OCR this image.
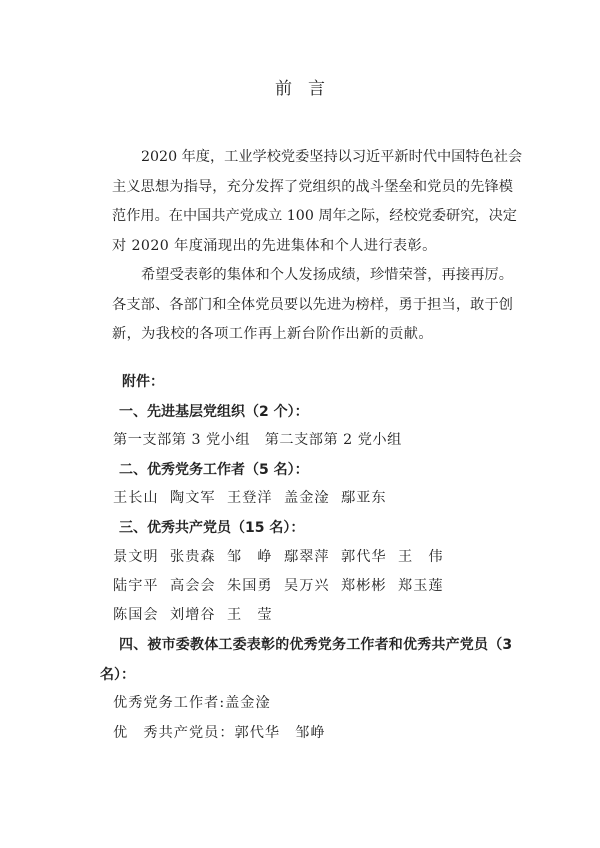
前 言
2020 年度，工业学校党委坚持以习近平新时代中国特色社会
主义思想为指导，充分发挥了党组织的战斗堡垒和党员的先锋模
范作用。在中国共产党成立 100 周年之际，经校党委研究，决定
对 2020 年度涌现出的先进集体和个人进行表彰。
希望受表彰的集体和个人发扬成绩，珍惜荣誉，再接再厉。
各支部、各部门和全体党员要以先进为榜样，勇于担当，敢于创
新，为我校的各项工作再上新台阶作出新的贡献。
附件：
一、先进基层党组织（2 个）：
第一支部第 3 党小组  第二支部第 2 党小组
二、优秀党务工作者（5 名）：
王长山 陶文军 王登洋 盖金淦 鄢亚东
三、优秀共产党员（15 名）：
景文明 张贵森 邹　峥 鄢翠萍 郭代华 王　伟
陆宇平 高会会 朱国勇 吴万兴 郑彬彬 郑玉莲
陈国会 刘增谷 王　莹
四、被市委教体工委表彰的优秀党务工作者和优秀共产党员（3
名）：
优秀党务工作者:盖金淦
优　秀共产党员：郭代华　邹峥
